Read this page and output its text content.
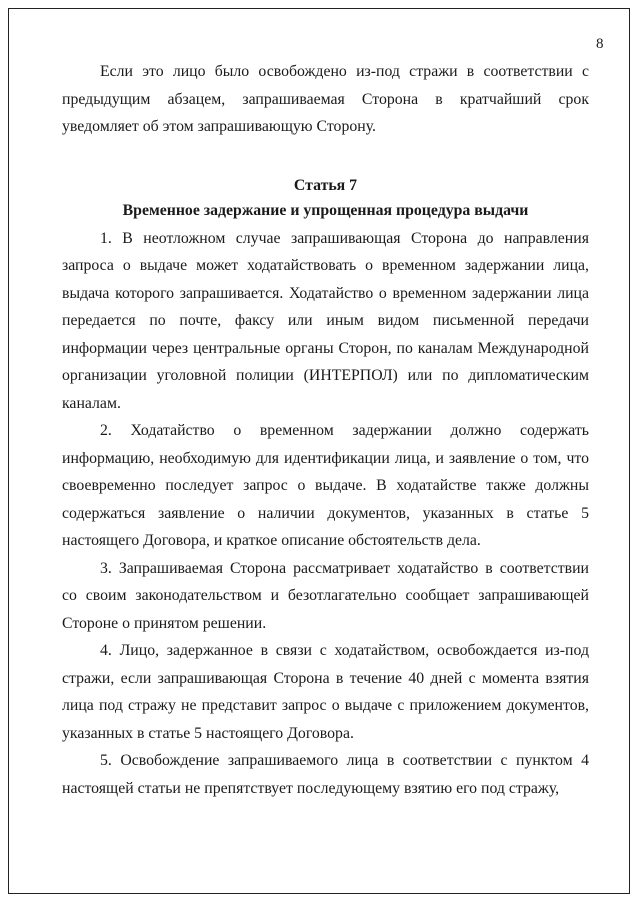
8

Если это лицо было освобождено из-под стражи в соответствии с предыдущим абзацем, запрашиваемая Сторона в кратчайший срок уведомляет об этом запрашивающую Сторону.

Статья 7

Временное задержание и упрощенная процедура выдачи

1. В неотложном случае запрашивающая Сторона до направления запроса о выдаче может ходатайствовать о временном задержании лица, выдача которого запрашивается. Ходатайство о временном задержании лица передается по почте, факсу или иным видом письменной передачи информации через центральные органы Сторон, по каналам Международной организации уголовной полиции (ИНТЕРПОЛ) или по дипломатическим каналам.

2. Ходатайство о временном задержании должно содержать информацию, необходимую для идентификации лица, и заявление о том, что своевременно последует запрос о выдаче. В ходатайстве также должны содержаться заявление о наличии документов, указанных в статье 5 настоящего Договора, и краткое описание обстоятельств дела.

3. Запрашиваемая Сторона рассматривает ходатайство в соответствии со своим законодательством и безотлагательно сообщает запрашивающей Стороне о принятом решении.

4. Лицо, задержанное в связи с ходатайством, освобождается из-под стражи, если запрашивающая Сторона в течение 40 дней с момента взятия лица под стражу не представит запрос о выдаче с приложением документов, указанных в статье 5 настоящего Договора.

5. Освобождение запрашиваемого лица в соответствии с пунктом 4 настоящей статьи не препятствует последующему взятию его под стражу,
